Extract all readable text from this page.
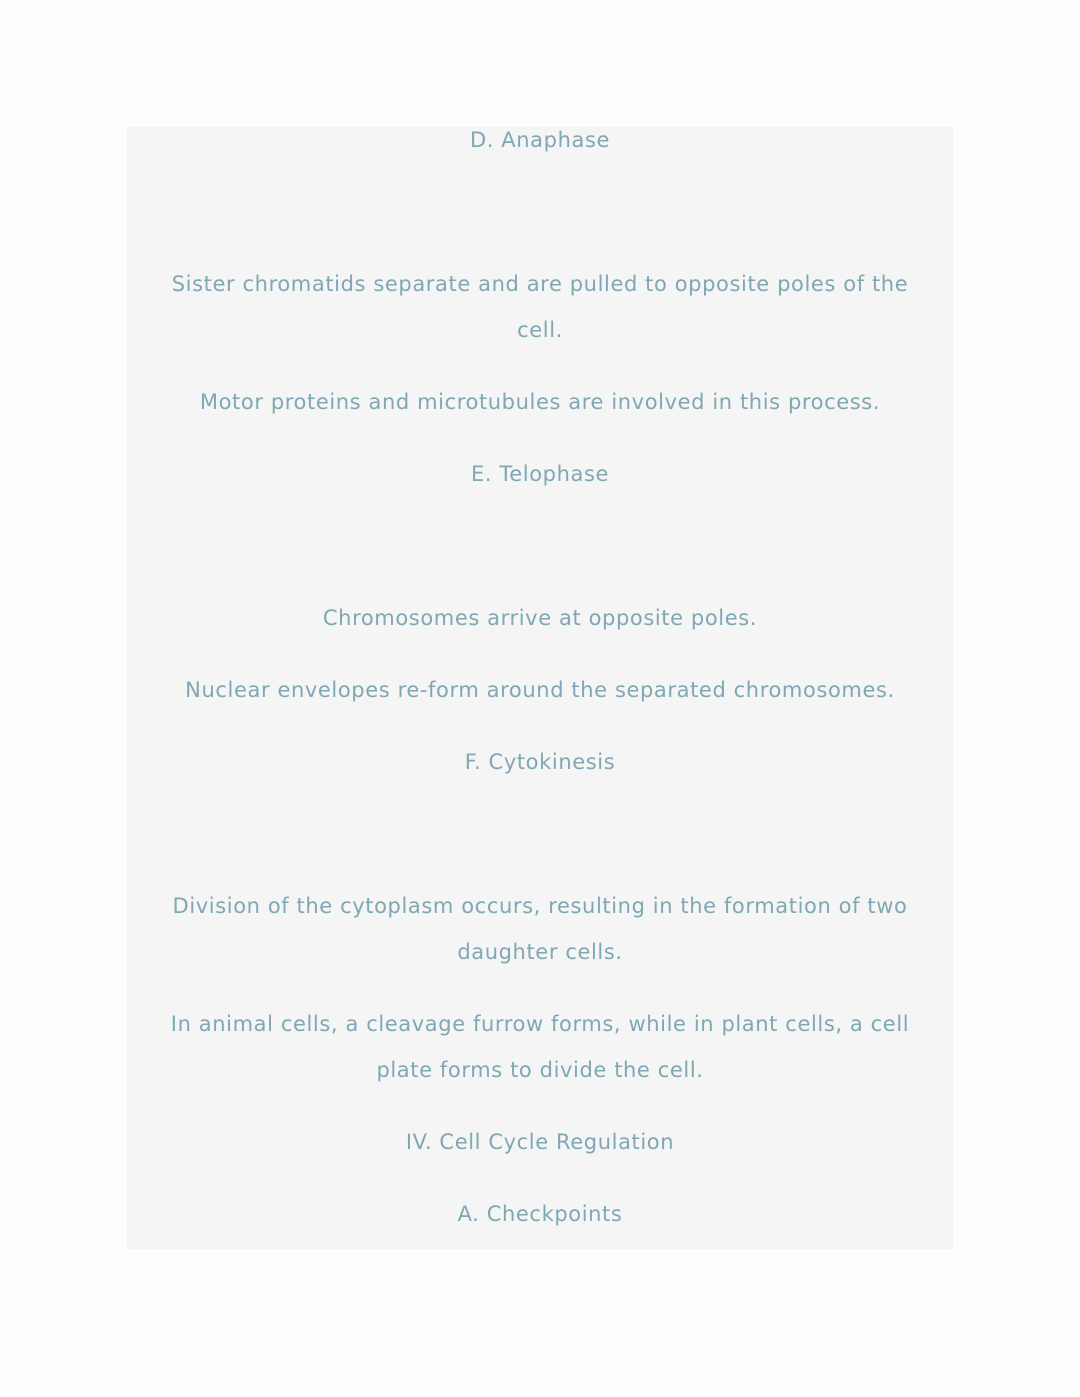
D. Anaphase
Sister chromatids separate and are pulled to opposite poles of the
cell.
Motor proteins and microtubules are involved in this process.
E. Telophase
Chromosomes arrive at opposite poles.
Nuclear envelopes re-form around the separated chromosomes.
F. Cytokinesis
Division of the cytoplasm occurs, resulting in the formation of two
daughter cells.
In animal cells, a cleavage furrow forms, while in plant cells, a cell
plate forms to divide the cell.
IV. Cell Cycle Regulation
A. Checkpoints
